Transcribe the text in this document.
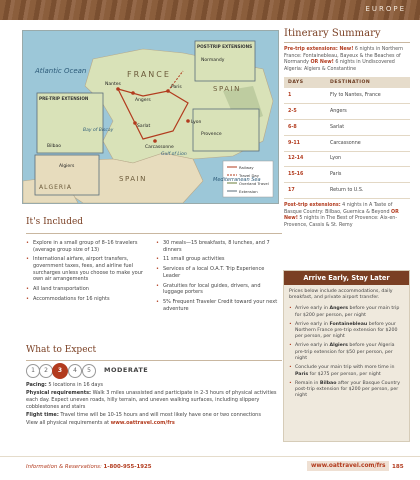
EUROPE
Atlantic Ocean	FRANCE
SPAIN
SPAIN
ALGERIA
Mediterranean Sea
PRE-TRIP EXTENSION
POST-TRIP EXTENSIONS
Bay of Biscay
Gulf of Lion
Paris
Nantes
Angers
Lyon
Sarlat
Carcassonne
Bilbao
Algiers
Normandy
Provence
Railway
Travel Day
Overland Travel
Extension
Itinerary Summary
Pre-trip extensions: New! 6 nights in Northern France: Fontainebleau, Bayeux & the Beaches of Normandy OR New! 6 nights in Undiscovered Algeria: Algiers & Constantine
DAYS	DESTINATION
1	Fly to Nantes, France
2-5	Angers
6-8	Sarlat
9-11	Carcassonne
12-14	Lyon
15-16	Paris
17	Return to U.S.
Post-trip extensions: 4 nights in A Taste of Basque Country: Bilbao, Guernica & Beyond OR New! 5 nights in The Best of Provence: Aix-en-Provence, Cassis & St. Remy
It's Included
• Explore in a small group of 8–16 travelers (average group size of 13)
• International airfare, airport transfers, government taxes, fees, and airline fuel surcharges unless you choose to make your own air arrangements
• All land transportation
• Accommodations for 16 nights
• 30 meals—15 breakfasts, 8 lunches, and 7 dinners
• 11 small group activities
• Services of a local O.A.T. Trip Experience Leader
• Gratuities for local guides, drivers, and luggage porters
• 5% Frequent Traveler Credit toward your next adventure
What to Expect
1	2	3	4	5	MODERATE

Pacing: 5 locations in 16 days

Physical requirements: Walk 3 miles unassisted and participate in 2-3 hours of physical activities each day. Expect uneven roads, hilly terrain, and uneven walking surfaces, including slippery cobblestones and stairs

Flight time: Travel time will be 10-15 hours and will most likely have one or two connections

View all physical requirements at www.oattravel.com/frs

Arrive Early, Stay Later
Prices below include accommodations, daily breakfast, and private airport transfer.
• Arrive early in Angers before your main trip for $200 per person, per night
• Arrive early in Fontainebleau before your Northern France pre-trip extension for $200 per person, per night
• Arrive early in Algiers before your Algeria pre-trip extension for $50 per person, per night
• Conclude your main trip with more time in Paris for $275 per person, per night
• Remain in Bilbao after your Basque Country post-trip extension for $200 per person, per night
Information & Reservations: 1-800-955-1925	www.oattravel.com/frs	185
